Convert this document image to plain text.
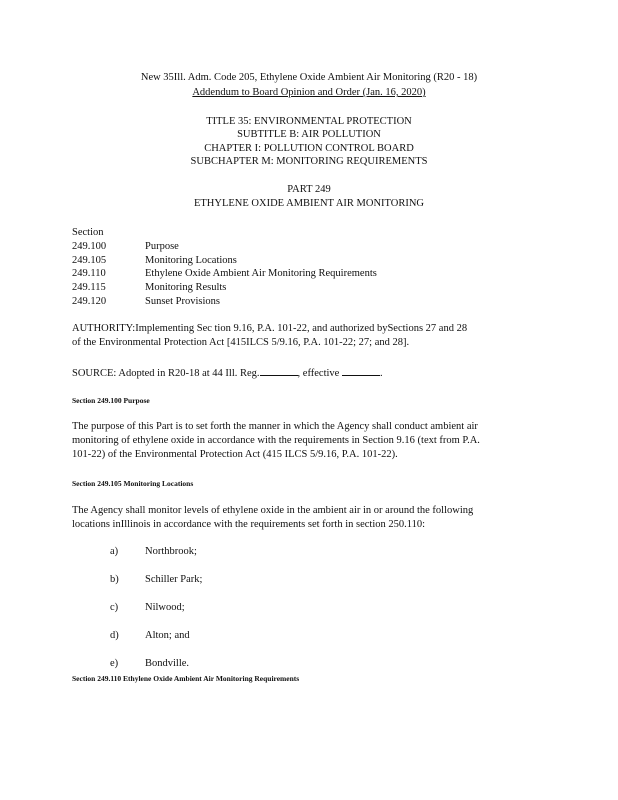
New 35Ill. Adm. Code 205, Ethylene Oxide Ambient Air Monitoring (R20 - 18)
Addendum to Board Opinion and Order (Jan. 16, 2020)
TITLE 35: ENVIRONMENTAL PROTECTION
SUBTITLE B: AIR POLLUTION
CHAPTER I: POLLUTION CONTROL BOARD
SUBCHAPTER M: MONITORING REQUIREMENTS
PART 249
ETHYLENE OXIDE AMBIENT AIR MONITORING
Section
249.100	Purpose
249.105	Monitoring Locations
249.110	Ethylene Oxide Ambient Air Monitoring Requirements
249.115	Monitoring Results
249.120	Sunset Provisions
AUTHORITY:Implementing Sec tion 9.16, P.A. 101-22, and authorized bySections 27 and 28
of the Environmental Protection Act [415ILCS 5/9.16, P.A. 101-22; 27; and 28].
SOURCE: Adopted in R20-18 at 44 Ill. Reg.	, effective	.
Section 249.100 Purpose
The purpose of this Part is to set forth the manner in which the Agency shall conduct ambient air
monitoring of ethylene oxide in accordance with the requirements in Section 9.16 (text from P.A.
101-22) of the Environmental Protection Act (415 ILCS 5/9.16, P.A. 101-22).
Section 249.105 Monitoring Locations
The Agency shall monitor levels of ethylene oxide in the ambient air in or around the following
locations inIllinois in accordance with the requirements set forth in section 250.110:
a)	Northbrook;
b)	Schiller Park;
c)	Nilwood;
d)	Alton; and
e)	Bondville.
Section 249.110 Ethylene Oxide Ambient Air Monitoring Requirements
